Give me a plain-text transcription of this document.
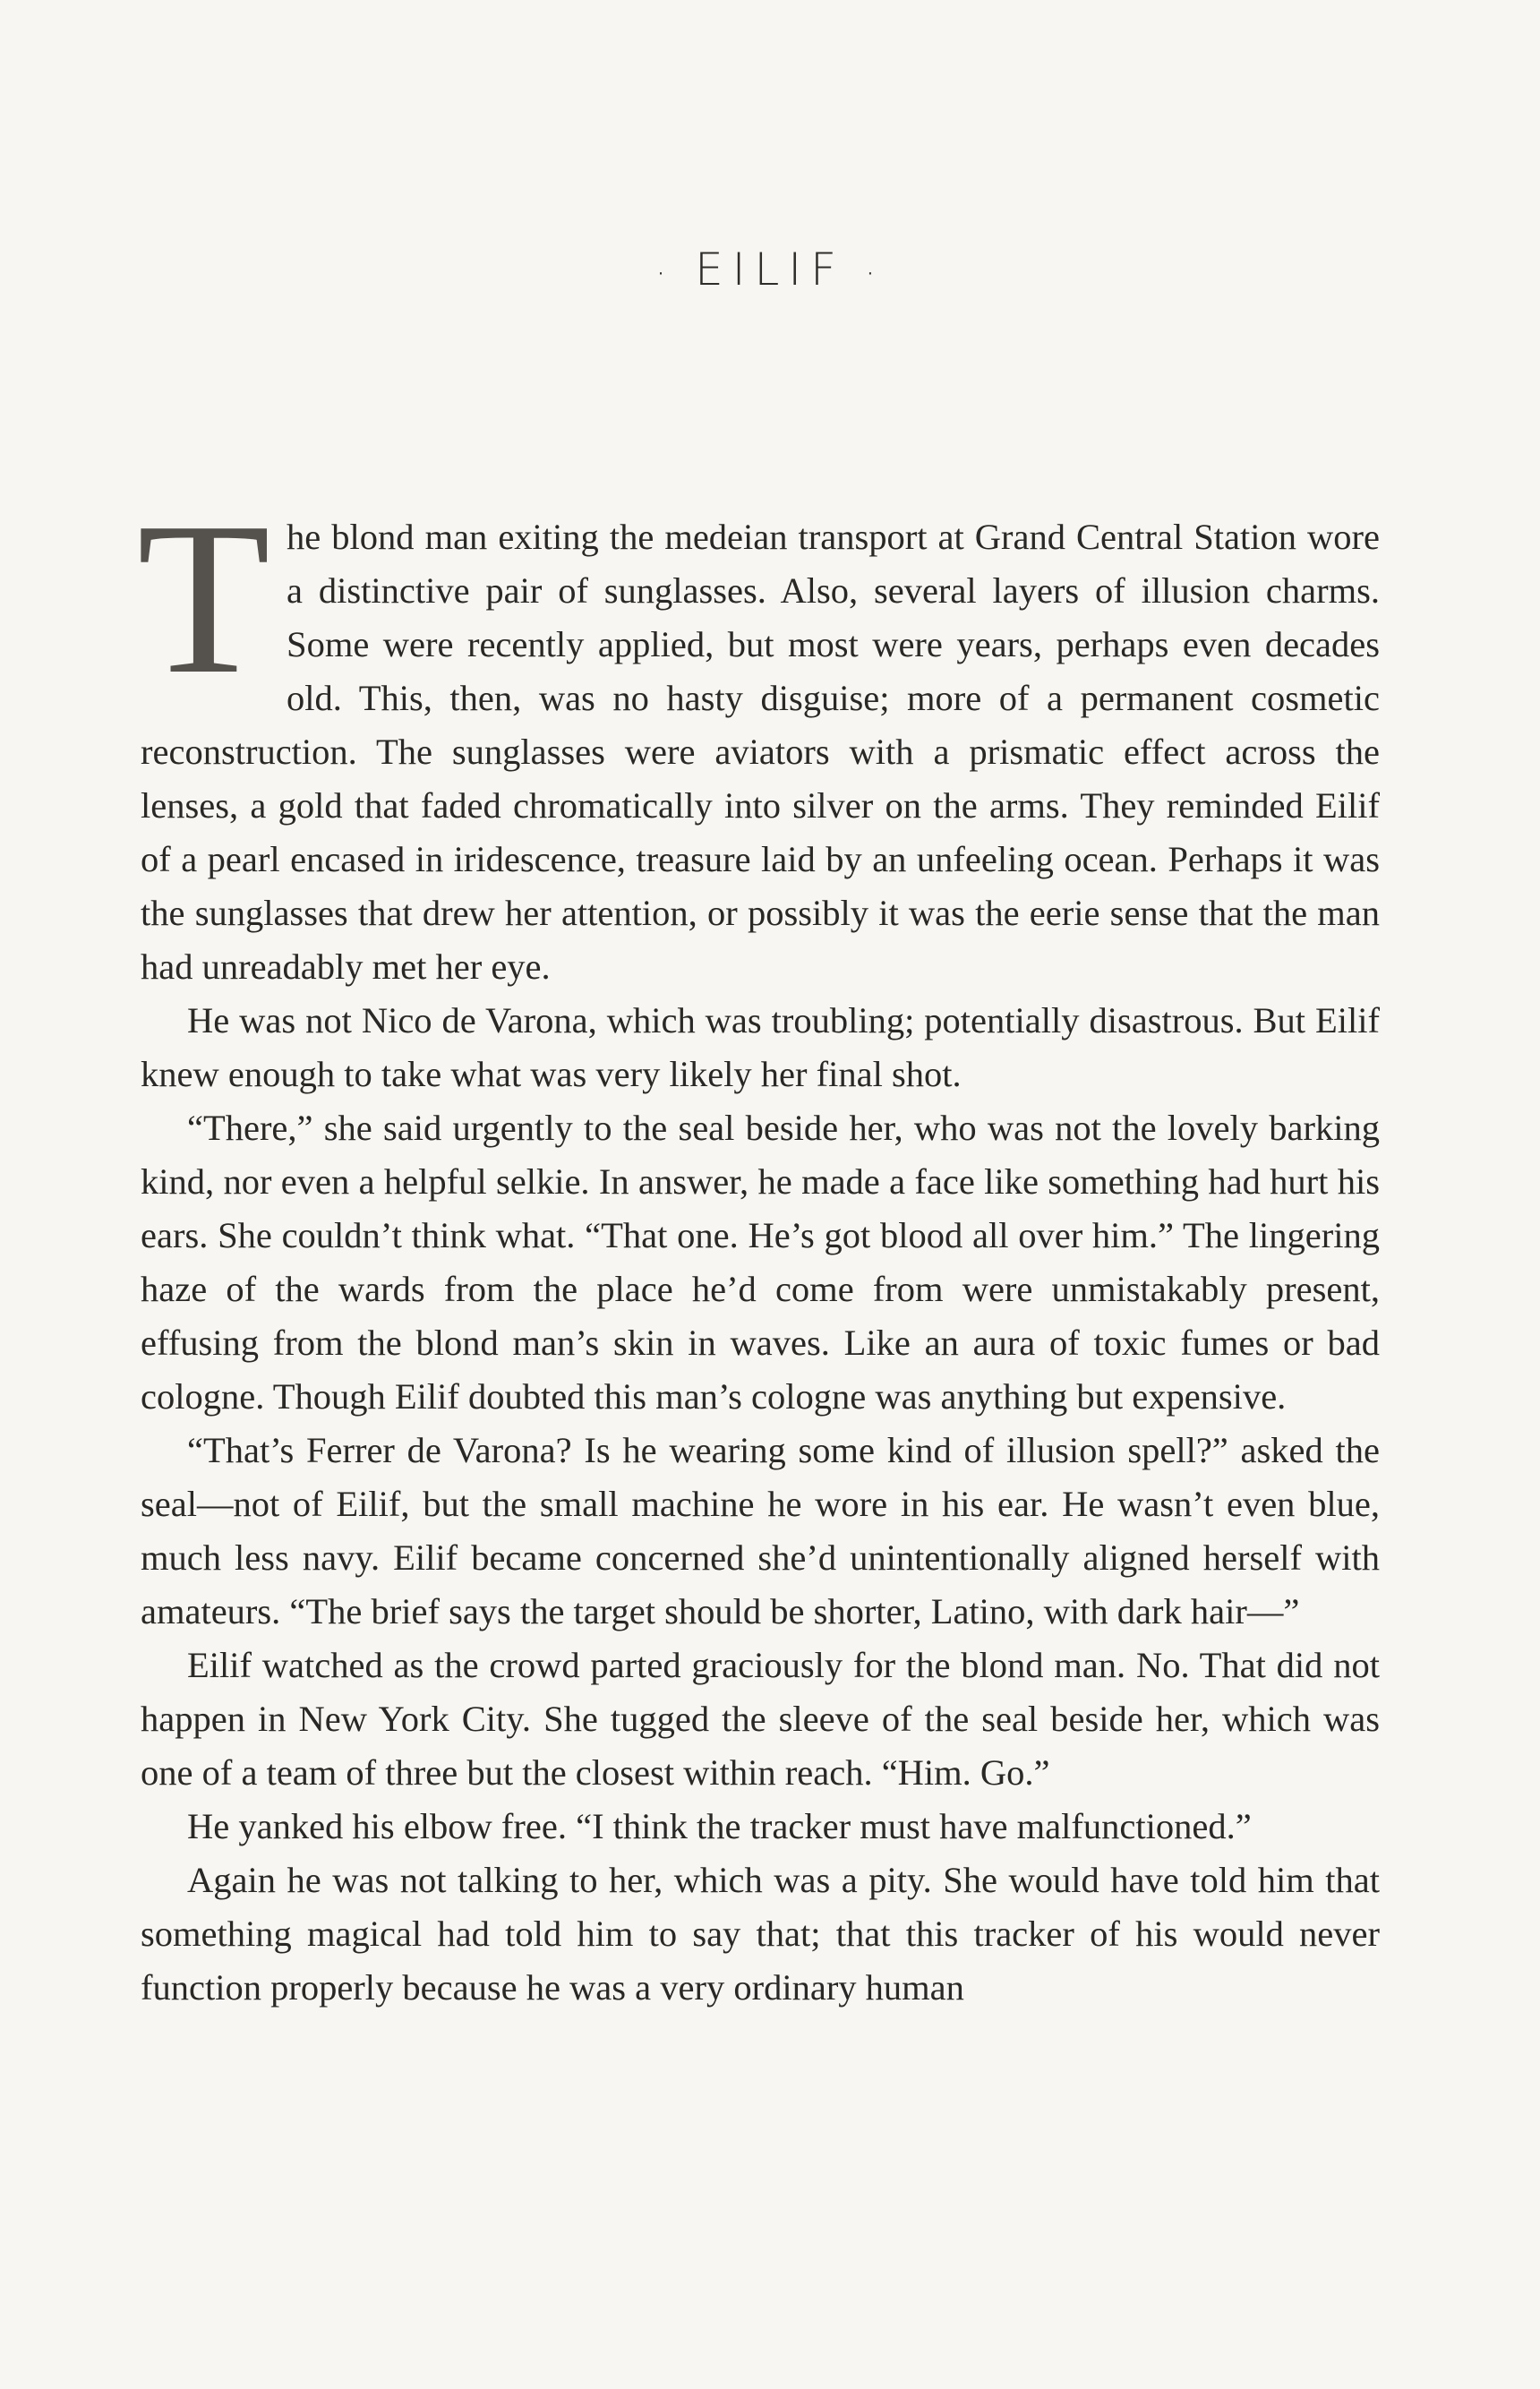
· EILIF ·

The blond man exiting the medeian transport at Grand Central Station wore a distinctive pair of sunglasses. Also, several layers of illusion charms. Some were recently applied, but most were years, perhaps even decades old. This, then, was no hasty disguise; more of a permanent cosmetic reconstruction. The sunglasses were aviators with a prismatic effect across the lenses, a gold that faded chromatically into silver on the arms. They reminded Eilif of a pearl encased in iridescence, treasure laid by an unfeeling ocean. Perhaps it was the sunglasses that drew her attention, or possibly it was the eerie sense that the man had unreadably met her eye.

He was not Nico de Varona, which was troubling; potentially disastrous. But Eilif knew enough to take what was very likely her final shot.

“There,” she said urgently to the seal beside her, who was not the lovely barking kind, nor even a helpful selkie. In answer, he made a face like something had hurt his ears. She couldn’t think what. “That one. He’s got blood all over him.” The lingering haze of the wards from the place he’d come from were unmistakably present, effusing from the blond man’s skin in waves. Like an aura of toxic fumes or bad cologne. Though Eilif doubted this man’s cologne was anything but expensive.

“That’s Ferrer de Varona? Is he wearing some kind of illusion spell?” asked the seal—not of Eilif, but the small machine he wore in his ear. He wasn’t even blue, much less navy. Eilif became concerned she’d unintentionally aligned herself with amateurs. “The brief says the target should be shorter, Latino, with dark hair—”

Eilif watched as the crowd parted graciously for the blond man. No. That did not happen in New York City. She tugged the sleeve of the seal beside her, which was one of a team of three but the closest within reach. “Him. Go.”

He yanked his elbow free. “I think the tracker must have malfunctioned.”

Again he was not talking to her, which was a pity. She would have told him that something magical had told him to say that; that this tracker of his would never function properly because he was a very ordinary human
